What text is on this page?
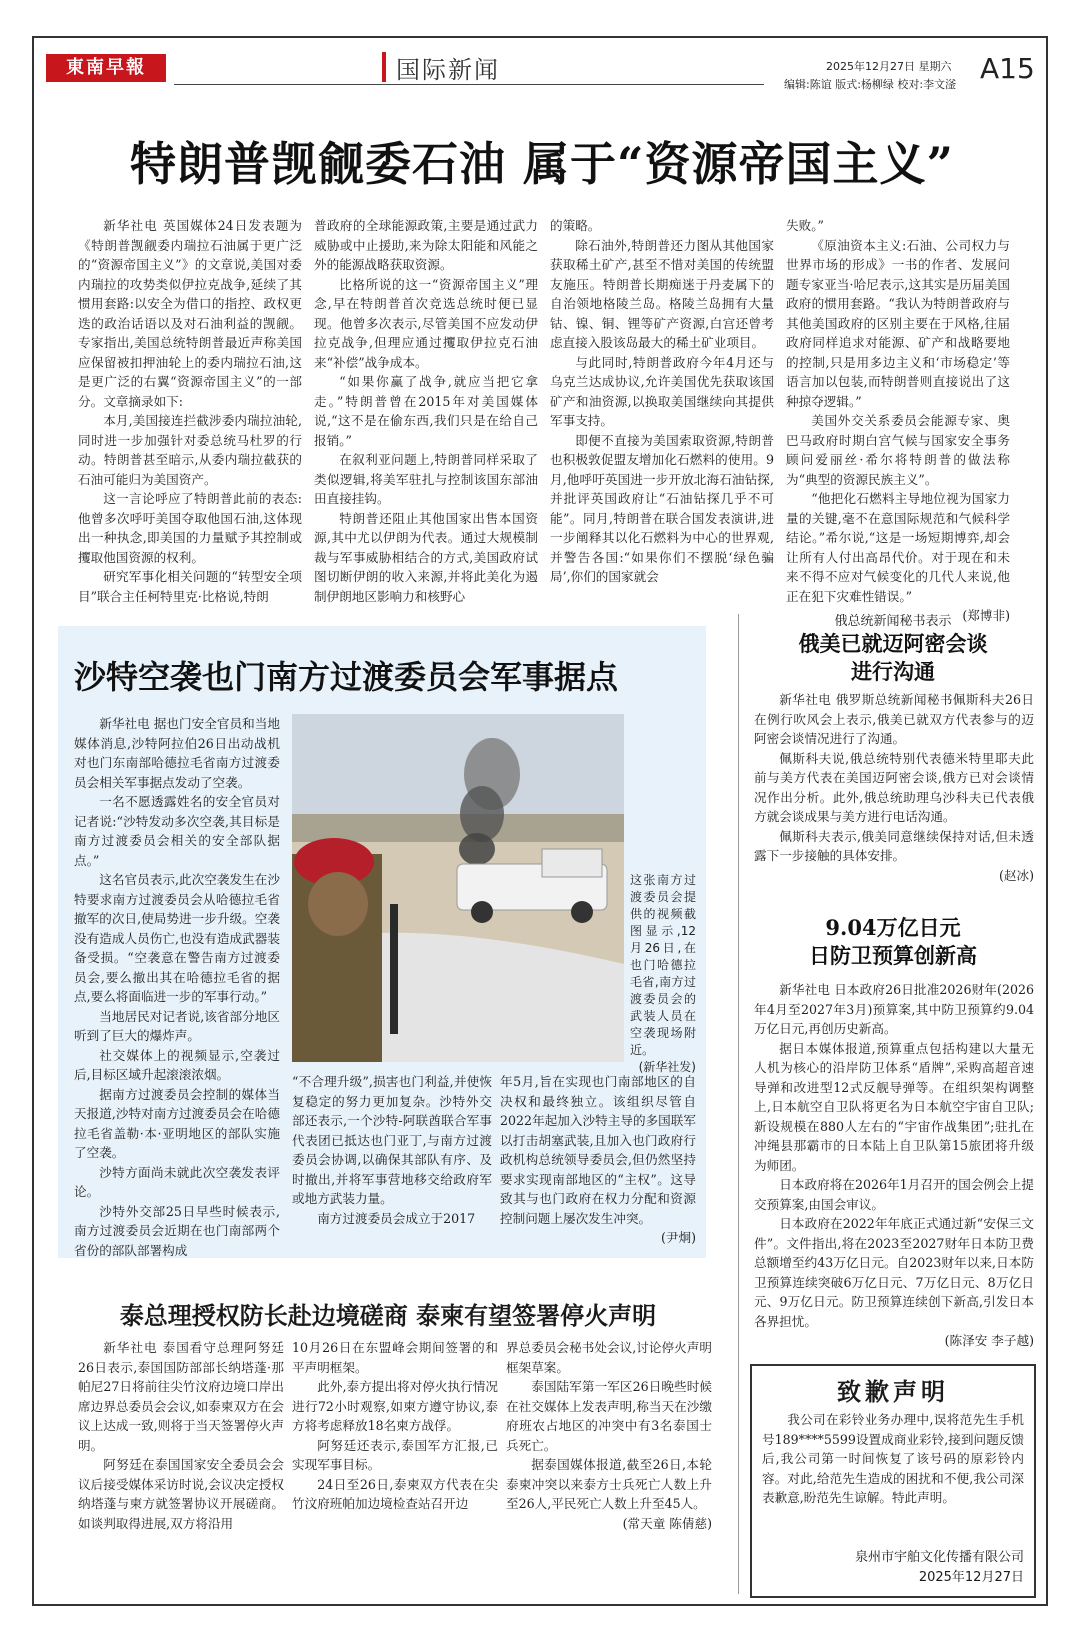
東南早報	国际新闻	2025年12月27日 星期六
编辑:陈谊 版式:杨柳绿 校对:李文滏 A15
特朗普觊觎委石油 属于“资源帝国主义”

新华社电 英国媒体24日发表题为《特朗普觊觎委内瑞拉石油属于更广泛的“资源帝国主义”》的文章说,美国对委内瑞拉的攻势类似伊拉克战争,延续了其惯用套路:以安全为借口的指控、政权更迭的政治话语以及对石油利益的觊觎。专家指出,美国总统特朗普最近声称美国应保留被扣押油轮上的委内瑞拉石油,这是更广泛的右翼“资源帝国主义”的一部分。文章摘录如下:

本月,美国接连拦截涉委内瑞拉油轮,同时进一步加强针对委总统马杜罗的行动。特朗普甚至暗示,从委内瑞拉截获的石油可能归为美国资产。

这一言论呼应了特朗普此前的表态:他曾多次呼吁美国夺取他国石油,这体现出一种执念,即美国的力量赋予其控制或攫取他国资源的权利。

研究军事化相关问题的“转型安全项目”联合主任柯特里克·比格说,特朗

普政府的全球能源政策,主要是通过武力威胁或中止援助,来为除太阳能和风能之外的能源战略获取资源。

比格所说的这一“资源帝国主义”理念,早在特朗普首次竞选总统时便已显现。他曾多次表示,尽管美国不应发动伊拉克战争,但理应通过攫取伊拉克石油来“补偿”战争成本。

“如果你赢了战争,就应当把它拿走。”特朗普曾在2015年对美国媒体说,“这不是在偷东西,我们只是在给自己报销。”

在叙利亚问题上,特朗普同样采取了类似逻辑,将美军驻扎与控制该国东部油田直接挂钩。

特朗普还阻止其他国家出售本国资源,其中尤以伊朗为代表。通过大规模制裁与军事威胁相结合的方式,美国政府试图切断伊朗的收入来源,并将此美化为遏制伊朗地区影响力和核野心

的策略。

除石油外,特朗普还力图从其他国家获取稀土矿产,甚至不惜对美国的传统盟友施压。特朗普长期痴迷于丹麦属下的自治领地格陵兰岛。格陵兰岛拥有大量钴、镍、铜、锂等矿产资源,白宫还曾考虑直接入股该岛最大的稀土矿业项目。

与此同时,特朗普政府今年4月还与乌克兰达成协议,允许美国优先获取该国矿产和油资源,以换取美国继续向其提供军事支持。

即便不直接为美国索取资源,特朗普也积极敦促盟友增加化石燃料的使用。9月,他呼吁英国进一步开放北海石油钻探,并批评英国政府让“石油钻探几乎不可能”。同月,特朗普在联合国发表演讲,进一步阐释其以化石燃料为中心的世界观,并警告各国:“如果你们不摆脱‘绿色骗局’,你们的国家就会

失败。”

《原油资本主义:石油、公司权力与世界市场的形成》一书的作者、发展问题专家亚当·哈尼表示,这其实是历届美国政府的惯用套路。“我认为特朗普政府与其他美国政府的区别主要在于风格,往届政府同样追求对能源、矿产和战略要地的控制,只是用多边主义和‘市场稳定’等语言加以包装,而特朗普则直接说出了这种掠夺逻辑。”

美国外交关系委员会能源专家、奥巴马政府时期白宫气候与国家安全事务顾问爱丽丝·希尔将特朗普的做法称为“典型的资源民族主义”。

“他把化石燃料主导地位视为国家力量的关键,毫不在意国际规范和气候科学结论。”希尔说,“这是一场短期博弈,却会让所有人付出高昂代价。对于现在和未来不得不应对气候变化的几代人来说,他正在犯下灾难性错误。”

(郑博非)
沙特空袭也门南方过渡委员会军事据点

新华社电 据也门安全官员和当地媒体消息,沙特阿拉伯26日出动战机对也门东南部哈德拉毛省南方过渡委员会相关军事据点发动了空袭。

一名不愿透露姓名的安全官员对记者说:“沙特发动多次空袭,其目标是南方过渡委员会相关的安全部队据点。”

这名官员表示,此次空袭发生在沙特要求南方过渡委员会从哈德拉毛省撤军的次日,使局势进一步升级。空袭没有造成人员伤亡,也没有造成武器装备受损。“空袭意在警告南方过渡委员会,要么撤出其在哈德拉毛省的据点,要么将面临进一步的军事行动。”

当地居民对记者说,该省部分地区听到了巨大的爆炸声。

社交媒体上的视频显示,空袭过后,目标区域升起滚滚浓烟。

据南方过渡委员会控制的媒体当天报道,沙特对南方过渡委员会在哈德拉毛省盖勒·本·亚明地区的部队实施了空袭。

沙特方面尚未就此次空袭发表评论。

沙特外交部25日早些时候表示,南方过渡委员会近期在也门南部两个省份的部队部署构成

这张南方过渡委员会提供的视频截图显示,12月26日,在也门哈德拉毛省,南方过渡委员会的武装人员在空袭现场附近。
(新华社发)

“不合理升级”,损害也门利益,并使恢复稳定的努力更加复杂。沙特外交部还表示,一个沙特-阿联酋联合军事代表团已抵达也门亚丁,与南方过渡委员会协调,以确保其部队有序、及时撤出,并将军事营地移交给政府军或地方武装力量。

南方过渡委员会成立于2017

年5月,旨在实现也门南部地区的自决权和最终独立。该组织尽管自2022年起加入沙特主导的多国联军以打击胡塞武装,且加入也门政府行政机构总统领导委员会,但仍然坚持要求实现南部地区的“主权”。这导致其与也门政府在权力分配和资源控制问题上屡次发生冲突。

(尹炯)
俄总统新闻秘书表示
俄美已就迈阿密会谈
进行沟通

新华社电 俄罗斯总统新闻秘书佩斯科夫26日在例行吹风会上表示,俄美已就双方代表参与的迈阿密会谈情况进行了沟通。

佩斯科夫说,俄总统特别代表德米特里耶夫此前与美方代表在美国迈阿密会谈,俄方已对会谈情况作出分析。此外,俄总统助理乌沙科夫已代表俄方就会谈成果与美方进行电话沟通。

佩斯科夫表示,俄美同意继续保持对话,但未透露下一步接触的具体安排。

(赵冰)
9.04万亿日元
日防卫预算创新高

新华社电 日本政府26日批准2026财年(2026年4月至2027年3月)预算案,其中防卫预算约9.04万亿日元,再创历史新高。

据日本媒体报道,预算重点包括构建以大量无人机为核心的沿岸防卫体系“盾牌”,采购高超音速导弹和改进型12式反舰导弹等。在组织架构调整上,日本航空自卫队将更名为日本航空宇宙自卫队;新设规模在880人左右的“宇宙作战集团”;驻扎在冲绳县那霸市的日本陆上自卫队第15旅团将升级为师团。

日本政府将在2026年1月召开的国会例会上提交预算案,由国会审议。

日本政府在2022年年底正式通过新“安保三文件”。文件指出,将在2023至2027财年日本防卫费总额增至约43万亿日元。自2023财年以来,日本防卫预算连续突破6万亿日元、7万亿日元、8万亿日元、9万亿日元。防卫预算连续创下新高,引发日本各界担忧。

(陈泽安 李子越)
泰总理授权防长赴边境磋商 泰柬有望签署停火声明

新华社电 泰国看守总理阿努廷26日表示,泰国国防部部长纳塔蓬·那帕尼27日将前往尖竹汶府边境口岸出席边界总委员会会议,如泰柬双方在会议上达成一致,则将于当天签署停火声明。

阿努廷在泰国国家安全委员会会议后接受媒体采访时说,会议决定授权纳塔蓬与柬方就签署协议开展磋商。如谈判取得进展,双方将沿用

10月26日在东盟峰会期间签署的和平声明框架。

此外,泰方提出将对停火执行情况进行72小时观察,如柬方遵守协议,泰方将考虑释放18名柬方战俘。

阿努廷还表示,泰国军方汇报,已实现军事目标。

24日至26日,泰柬双方代表在尖竹汶府班帕加边境检查站召开边

界总委员会秘书处会议,讨论停火声明框架草案。

泰国陆军第一军区26日晚些时候在社交媒体上发表声明,称当天在沙缴府班农占地区的冲突中有3名泰国士兵死亡。

据泰国媒体报道,截至26日,本轮泰柬冲突以来泰方士兵死亡人数上升至26人,平民死亡人数上升至45人。

(常天童 陈倩慈)
致歉声明

我公司在彩铃业务办理中,误将范先生手机号189****5599设置成商业彩铃,接到问题反馈后,我公司第一时间恢复了该号码的原彩铃内容。对此,给范先生造成的困扰和不便,我公司深表歉意,盼范先生谅解。特此声明。

泉州市宇舶文化传播有限公司
2025年12月27日
